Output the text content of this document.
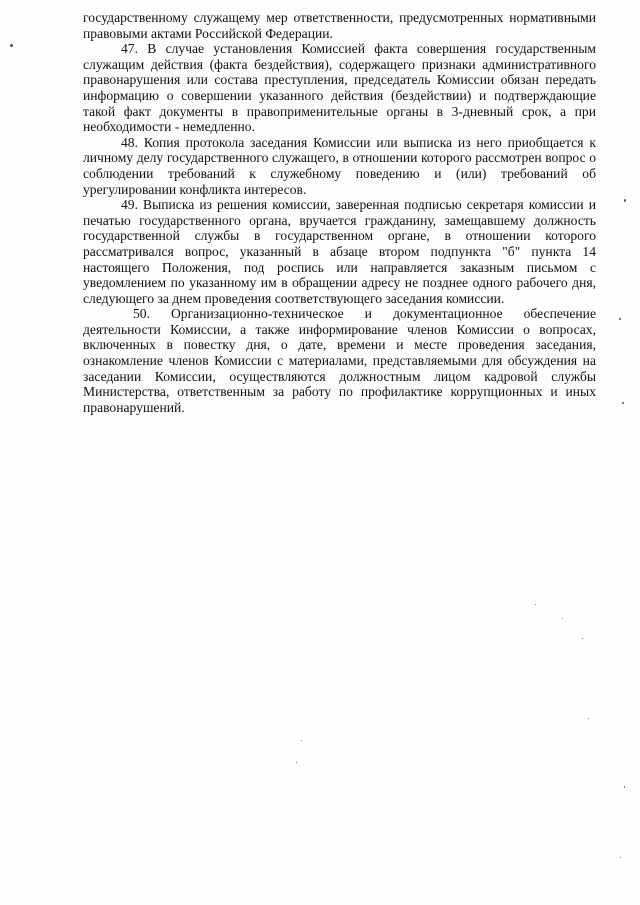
государственному служащему мер ответственности, предусмотренных нормативными правовыми актами Российской Федерации.

47. В случае установления Комиссией факта совершения государственным служащим действия (факта бездействия), содержащего признаки административного правонарушения или состава преступления, председатель Комиссии обязан передать информацию о совершении указанного действия (бездействии) и подтверждающие такой факт документы в правоприменительные органы в 3-дневный срок, а при необходимости - немедленно.

48. Копия протокола заседания Комиссии или выписка из него приобщается к личному делу государственного служащего, в отношении которого рассмотрен вопрос о соблюдении требований к служебному поведению и (или) требований об урегулировании конфликта интересов.

49. Выписка из решения комиссии, заверенная подписью секретаря комиссии и печатью государственного органа, вручается гражданину, замещавшему должность государственной службы в государственном органе, в отношении которого рассматривался вопрос, указанный в абзаце втором подпункта "б" пункта 14 настоящего Положения, под роспись или направляется заказным письмом с уведомлением по указанному им в обращении адресу не позднее одного рабочего дня, следующего за днем проведения соответствующего заседания комиссии.

50. Организационно-техническое и документационное обеспечение деятельности Комиссии, а также информирование членов Комиссии о вопросах, включенных в повестку дня, о дате, времени и месте проведения заседания, ознакомление членов Комиссии с материалами, представляемыми для обсуждения на заседании Комиссии, осуществляются должностным лицом кадровой службы Министерства, ответственным за работу по профилактике коррупционных и иных правонарушений.
